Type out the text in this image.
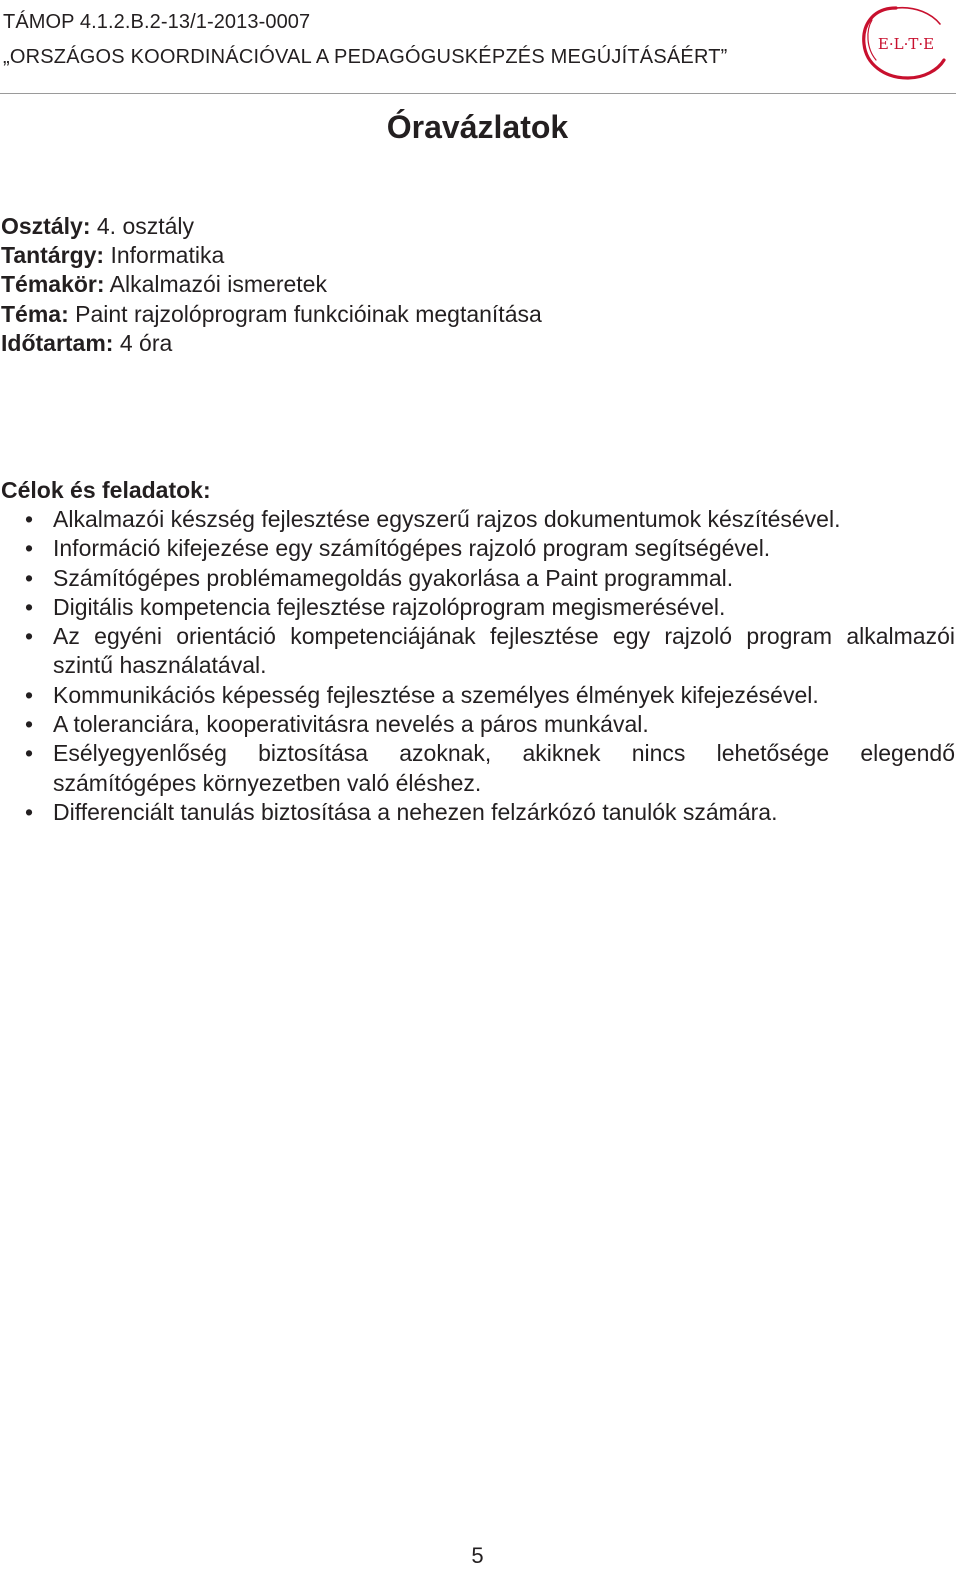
TÁMOP 4.1.2.B.2-13/1-2013-0007
„ORSZÁGOS KOORDINÁCIÓVAL A PEDAGÓGUSKÉPZÉS MEGÚJÍTÁSÁÉRT”
E·L·T·E
Óravázlatok
Osztály: 4. osztály
Tantárgy: Informatika
Témakör: Alkalmazói ismeretek
Téma: Paint rajzolóprogram funkcióinak megtanítása
Időtartam: 4 óra
Célok és feladatok:
• Alkalmazói készség fejlesztése egyszerű rajzos dokumentumok készítésével.
• Információ kifejezése egy számítógépes rajzoló program segítségével.
• Számítógépes problémamegoldás gyakorlása a Paint programmal.
• Digitális kompetencia fejlesztése rajzolóprogram megismerésével.
• Az egyéni orientáció kompetenciájának fejlesztése egy rajzoló program alkalmazói szintű használatával.
• Kommunikációs képesség fejlesztése a személyes élmények kifejezésével.
• A toleranciára, kooperativitásra nevelés a páros munkával.
• Esélyegyenlőség biztosítása azoknak, akiknek nincs lehetősége elegendő számítógépes környezetben való éléshez.
• Differenciált tanulás biztosítása a nehezen felzárkózó tanulók számára.
5
